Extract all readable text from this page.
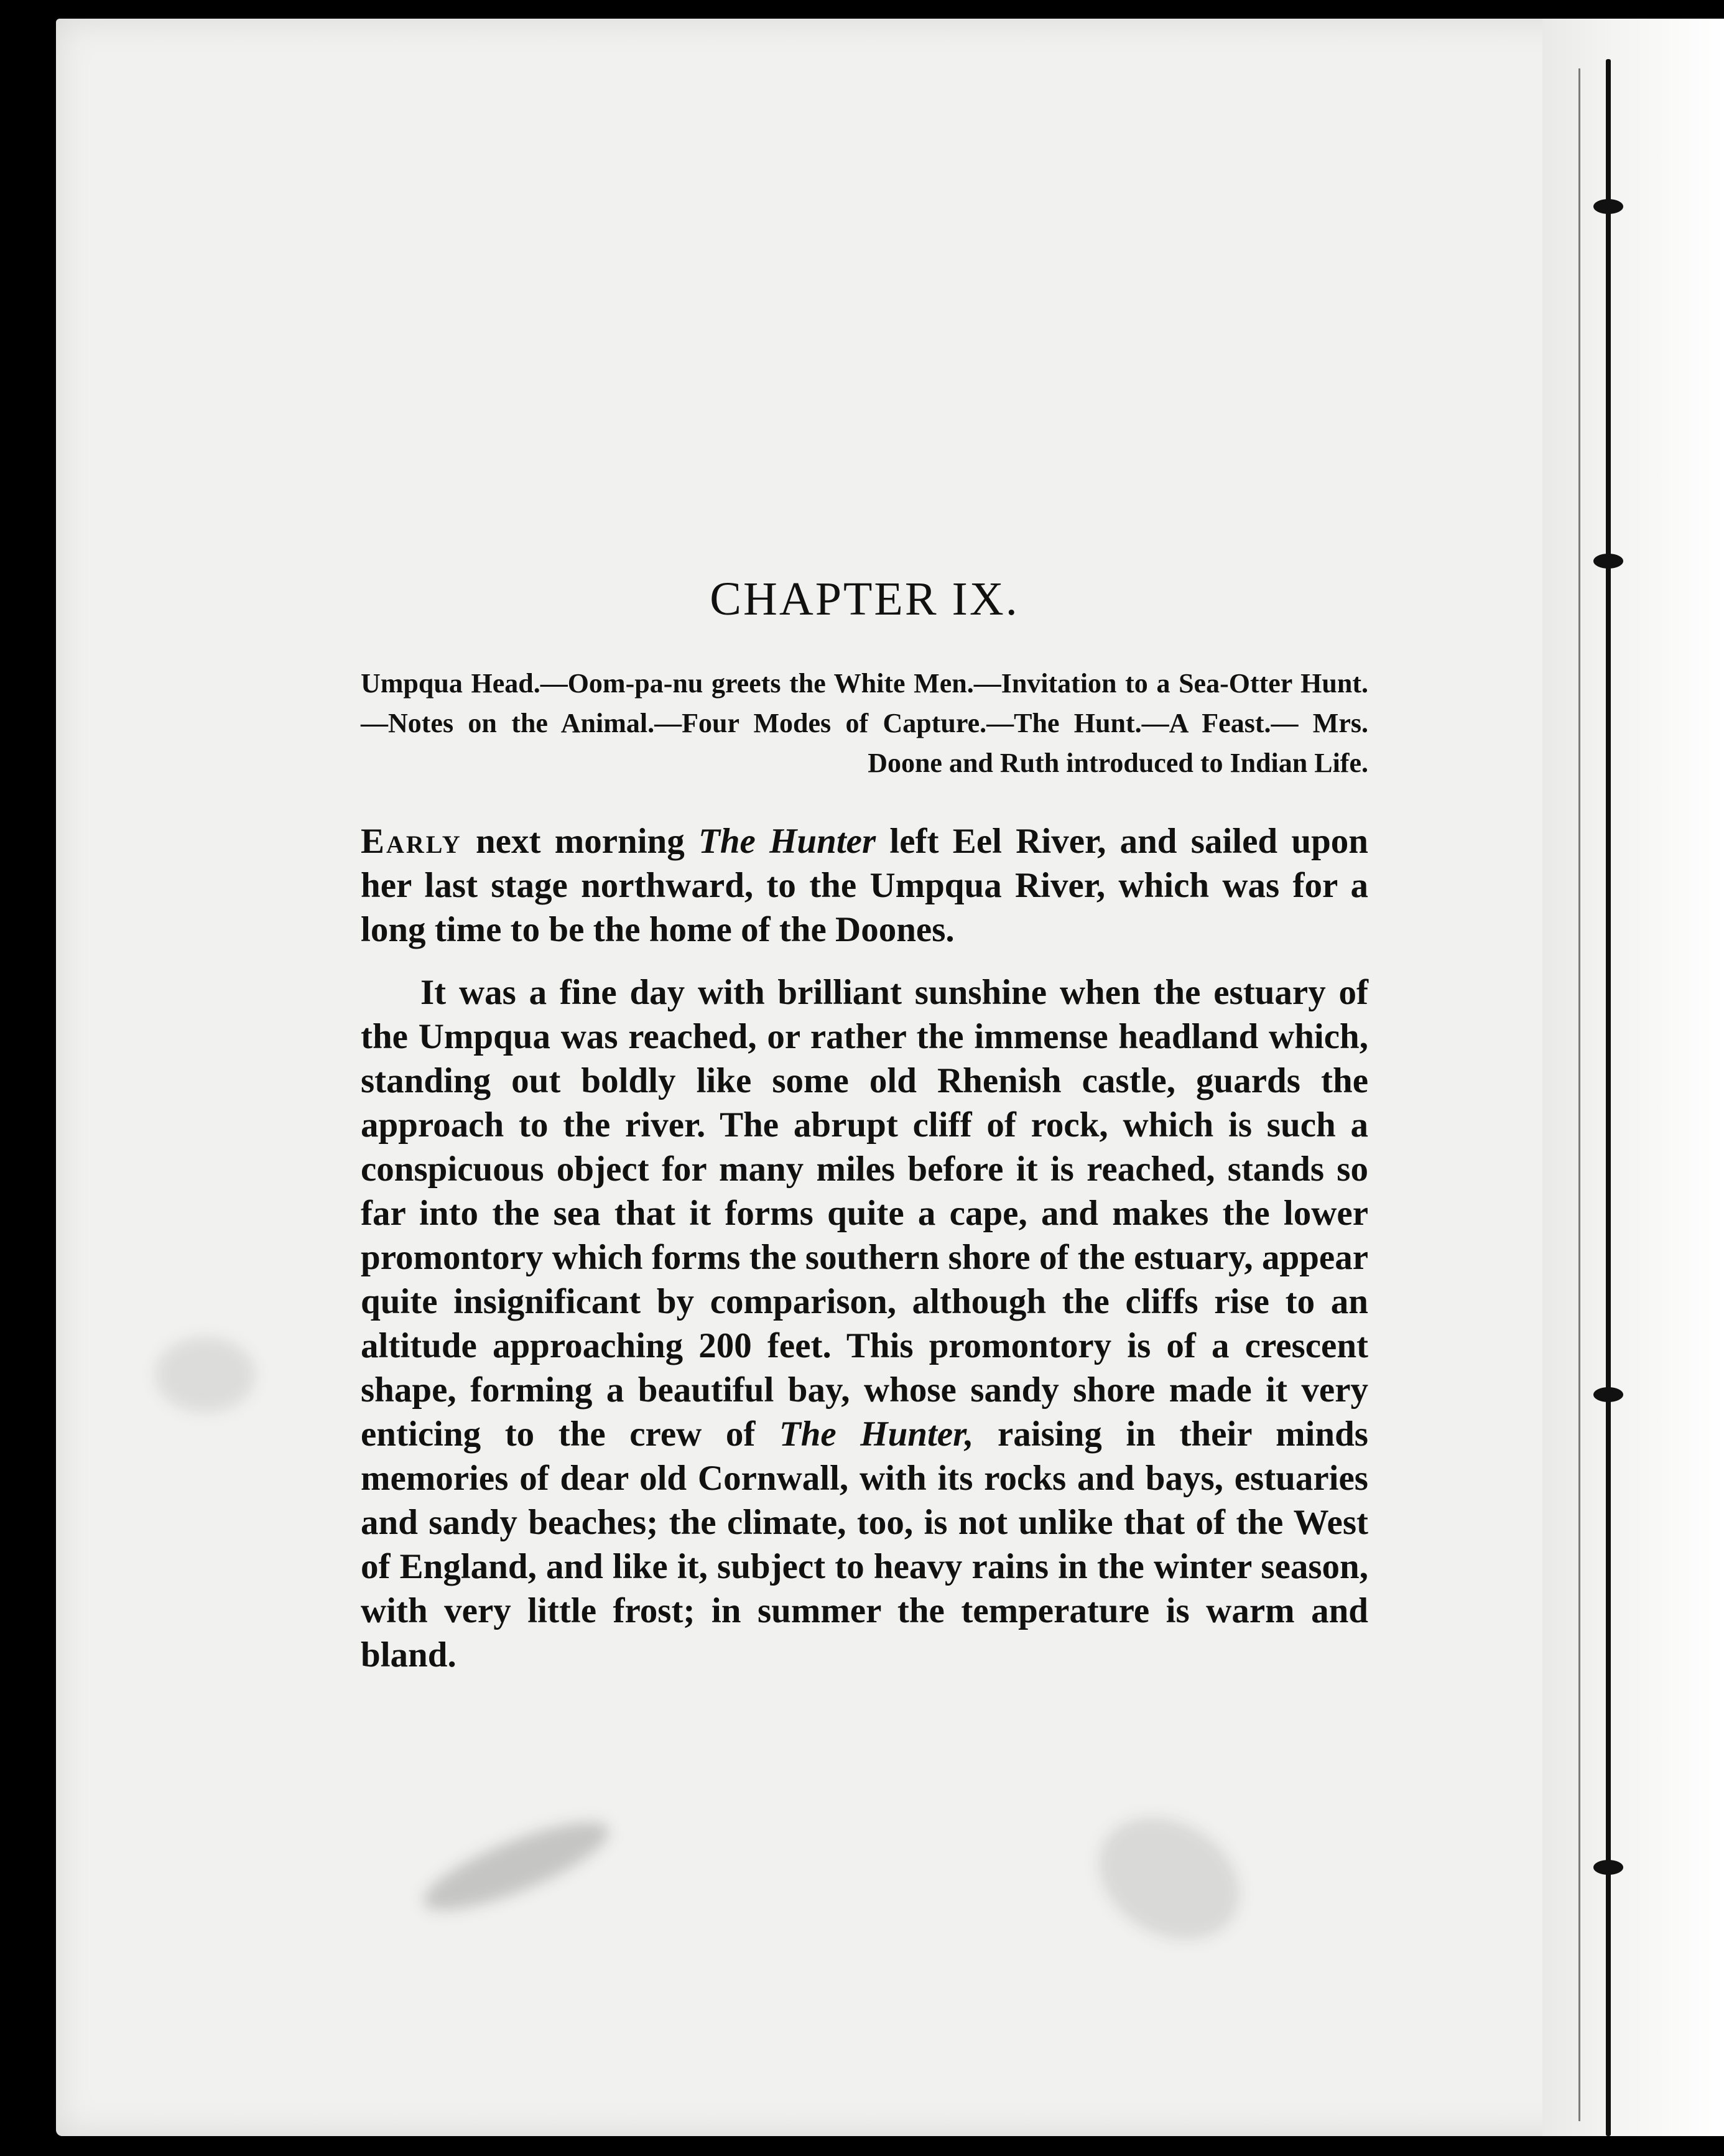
CHAPTER IX.

Umpqua Head.—Oom-pa-nu greets the White Men.—Invitation to a Sea-Otter Hunt.—Notes on the Animal.—Four Modes of Capture.—The Hunt.—A Feast.— Mrs. Doone and Ruth introduced to Indian Life.

Early next morning The Hunter left Eel River, and sailed upon her last stage northward, to the Umpqua River, which was for a long time to be the home of the Doones.

It was a fine day with brilliant sunshine when the estuary of the Umpqua was reached, or rather the immense headland which, standing out boldly like some old Rhenish castle, guards the approach to the river. The abrupt cliff of rock, which is such a conspicuous object for many miles before it is reached, stands so far into the sea that it forms quite a cape, and makes the lower promontory which forms the southern shore of the estuary, appear quite insignificant by comparison, although the cliffs rise to an altitude approaching 200 feet. This promontory is of a crescent shape, forming a beautiful bay, whose sandy shore made it very enticing to the crew of The Hunter, raising in their minds memories of dear old Cornwall, with its rocks and bays, estuaries and sandy beaches; the climate, too, is not unlike that of the West of England, and like it, subject to heavy rains in the winter season, with very little frost; in summer the temperature is warm and bland.
